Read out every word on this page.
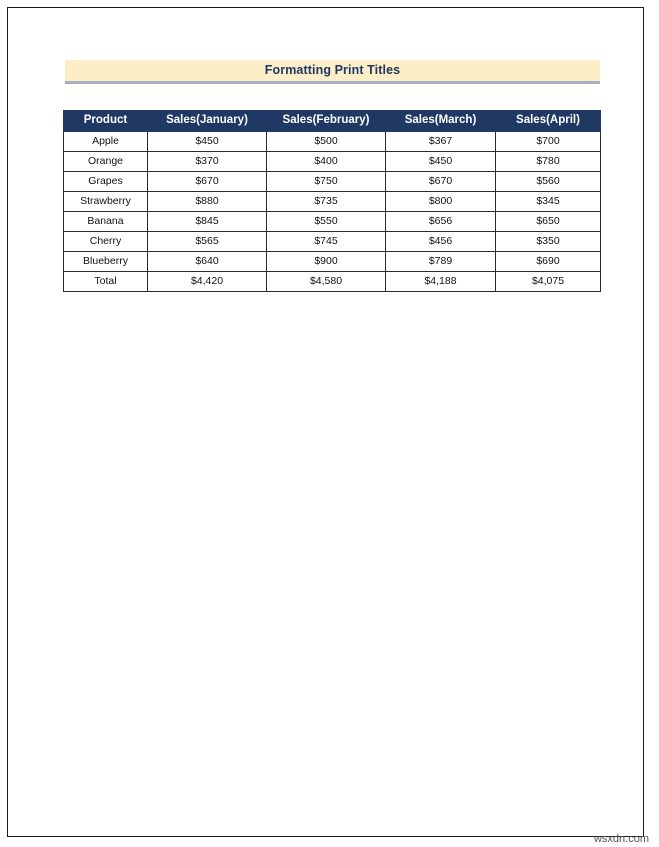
Formatting Print Titles
Product	Sales(January)	Sales(February)	Sales(March)	Sales(April)
Apple	$450	$500	$367	$700
Orange	$370	$400	$450	$780
Grapes	$670	$750	$670	$560
Strawberry	$880	$735	$800	$345
Banana	$845	$550	$656	$650
Cherry	$565	$745	$456	$350
Blueberry	$640	$900	$789	$690
Total	$4,420	$4,580	$4,188	$4,075
wsxdn.com
